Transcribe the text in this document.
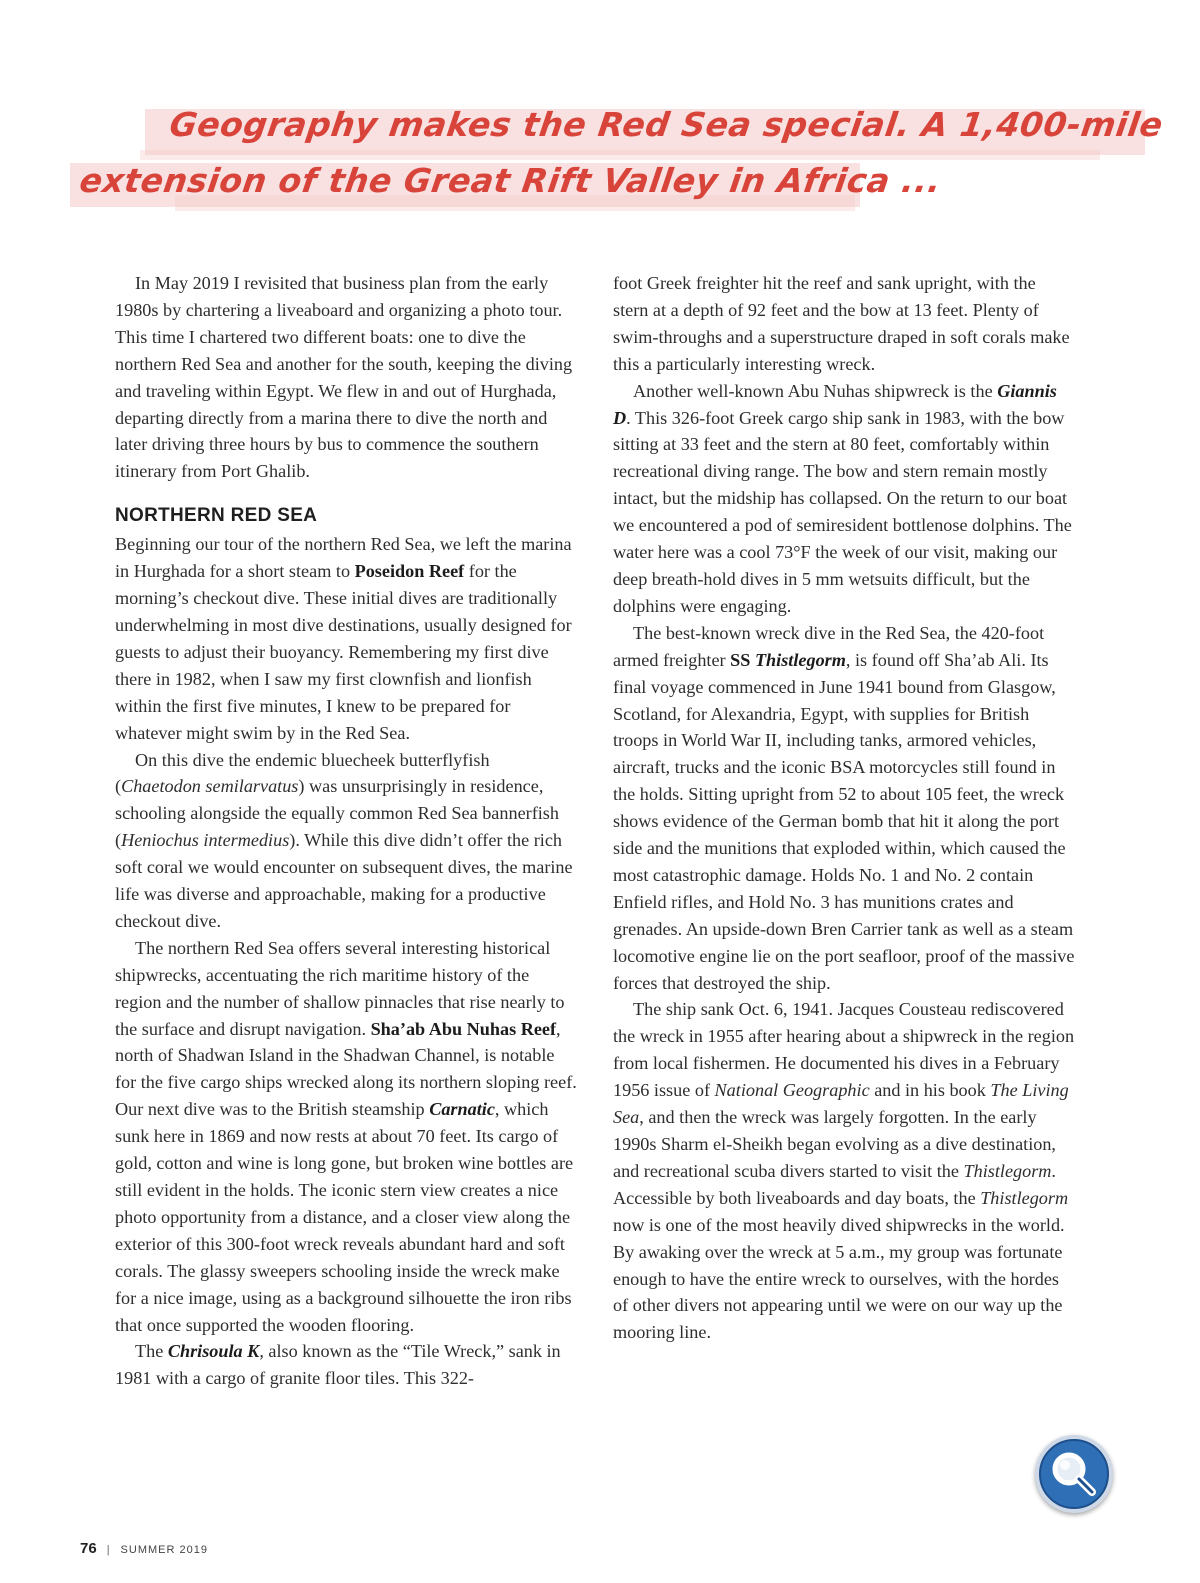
Geography makes the Red Sea special. A 1,400-mile
extension of the Great Rift Valley in Africa ...

In May 2019 I revisited that business plan from the early 1980s by chartering a liveaboard and organizing a photo tour. This time I chartered two different boats: one to dive the northern Red Sea and another for the south, keeping the diving and traveling within Egypt. We flew in and out of Hurghada, departing directly from a marina there to dive the north and later driving three hours by bus to commence the southern itinerary from Port Ghalib.

NORTHERN RED SEA

Beginning our tour of the northern Red Sea, we left the marina in Hurghada for a short steam to Poseidon Reef for the morning’s checkout dive. These initial dives are traditionally underwhelming in most dive destinations, usually designed for guests to adjust their buoyancy. Remembering my first dive there in 1982, when I saw my first clownfish and lionfish within the first five minutes, I knew to be prepared for whatever might swim by in the Red Sea.

On this dive the endemic bluecheek butterflyfish (Chaetodon semilarvatus) was unsurprisingly in residence, schooling alongside the equally common Red Sea bannerfish (Heniochus intermedius). While this dive didn’t offer the rich soft coral we would encounter on subsequent dives, the marine life was diverse and approachable, making for a productive checkout dive.

The northern Red Sea offers several interesting historical shipwrecks, accentuating the rich maritime history of the region and the number of shallow pinnacles that rise nearly to the surface and disrupt navigation. Sha’ab Abu Nuhas Reef, north of Shadwan Island in the Shadwan Channel, is notable for the five cargo ships wrecked along its northern sloping reef. Our next dive was to the British steamship Carnatic, which sunk here in 1869 and now rests at about 70 feet. Its cargo of gold, cotton and wine is long gone, but broken wine bottles are still evident in the holds. The iconic stern view creates a nice photo opportunity from a distance, and a closer view along the exterior of this 300-foot wreck reveals abundant hard and soft corals. The glassy sweepers schooling inside the wreck make for a nice image, using as a background silhouette the iron ribs that once supported the wooden flooring.

The Chrisoula K, also known as the “Tile Wreck,” sank in 1981 with a cargo of granite floor tiles. This 322-

foot Greek freighter hit the reef and sank upright, with the stern at a depth of 92 feet and the bow at 13 feet. Plenty of swim-throughs and a superstructure draped in soft corals make this a particularly interesting wreck.

Another well-known Abu Nuhas shipwreck is the Giannis D. This 326-foot Greek cargo ship sank in 1983, with the bow sitting at 33 feet and the stern at 80 feet, comfortably within recreational diving range. The bow and stern remain mostly intact, but the midship has collapsed. On the return to our boat we encountered a pod of semiresident bottlenose dolphins. The water here was a cool 73°F the week of our visit, making our deep breath-hold dives in 5 mm wetsuits difficult, but the dolphins were engaging.

The best-known wreck dive in the Red Sea, the 420-foot armed freighter SS Thistlegorm, is found off Sha’ab Ali. Its final voyage commenced in June 1941 bound from Glasgow, Scotland, for Alexandria, Egypt, with supplies for British troops in World War II, including tanks, armored vehicles, aircraft, trucks and the iconic BSA motorcycles still found in the holds. Sitting upright from 52 to about 105 feet, the wreck shows evidence of the German bomb that hit it along the port side and the munitions that exploded within, which caused the most catastrophic damage. Holds No. 1 and No. 2 contain Enfield rifles, and Hold No. 3 has munitions crates and grenades. An upside-down Bren Carrier tank as well as a steam locomotive engine lie on the port seafloor, proof of the massive forces that destroyed the ship.

The ship sank Oct. 6, 1941. Jacques Cousteau rediscovered the wreck in 1955 after hearing about a shipwreck in the region from local fishermen. He documented his dives in a February 1956 issue of National Geographic and in his book The Living Sea, and then the wreck was largely forgotten. In the early 1990s Sharm el-Sheikh began evolving as a dive destination, and recreational scuba divers started to visit the Thistlegorm. Accessible by both liveaboards and day boats, the Thistlegorm now is one of the most heavily dived shipwrecks in the world. By awaking over the wreck at 5 a.m., my group was fortunate enough to have the entire wreck to ourselves, with the hordes of other divers not appearing until we were on our way up the mooring line.

76 | SUMMER 2019
